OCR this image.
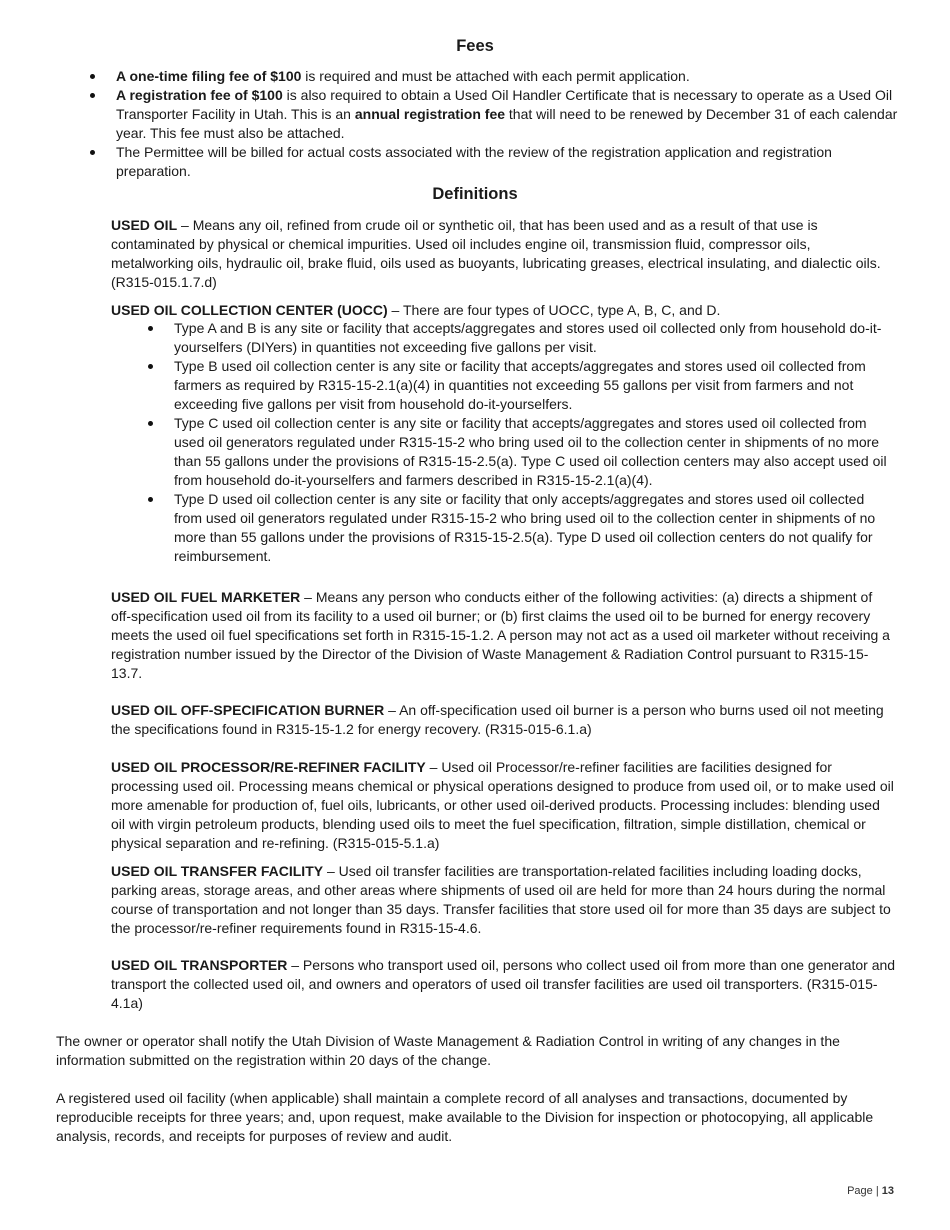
Fees
A one-time filing fee of $100 is required and must be attached with each permit application.
A registration fee of $100 is also required to obtain a Used Oil Handler Certificate that is necessary to operate as a Used Oil Transporter Facility in Utah. This is an annual registration fee that will need to be renewed by December 31 of each calendar year. This fee must also be attached.
The Permittee will be billed for actual costs associated with the review of the registration application and registration preparation.
Definitions

USED OIL – Means any oil, refined from crude oil or synthetic oil, that has been used and as a result of that use is contaminated by physical or chemical impurities. Used oil includes engine oil, transmission fluid, compressor oils, metalworking oils, hydraulic oil, brake fluid, oils used as buoyants, lubricating greases, electrical insulating, and dialectic oils. (R315-015.1.7.d)

USED OIL COLLECTION CENTER (UOCC) – There are four types of UOCC, type A, B, C, and D.

Type A and B is any site or facility that accepts/aggregates and stores used oil collected only from household do-it-yourselfers (DIYers) in quantities not exceeding five gallons per visit.
Type B used oil collection center is any site or facility that accepts/aggregates and stores used oil collected from farmers as required by R315-15-2.1(a)(4) in quantities not exceeding 55 gallons per visit from farmers and not exceeding five gallons per visit from household do-it-yourselfers.
Type C used oil collection center is any site or facility that accepts/aggregates and stores used oil collected from used oil generators regulated under R315-15-2 who bring used oil to the collection center in shipments of no more than 55 gallons under the provisions of R315-15-2.5(a). Type C used oil collection centers may also accept used oil from household do-it-yourselfers and farmers described in R315-15-2.1(a)(4).
Type D used oil collection center is any site or facility that only accepts/aggregates and stores used oil collected from used oil generators regulated under R315-15-2 who bring used oil to the collection center in shipments of no more than 55 gallons under the provisions of R315-15-2.5(a). Type D used oil collection centers do not qualify for reimbursement.

USED OIL FUEL MARKETER – Means any person who conducts either of the following activities: (a) directs a shipment of off-specification used oil from its facility to a used oil burner; or (b) first claims the used oil to be burned for energy recovery meets the used oil fuel specifications set forth in R315-15-1.2. A person may not act as a used oil marketer without receiving a registration number issued by the Director of the Division of Waste Management & Radiation Control pursuant to R315-15-13.7.

USED OIL OFF-SPECIFICATION BURNER – An off-specification used oil burner is a person who burns used oil not meeting the specifications found in R315-15-1.2 for energy recovery. (R315-015-6.1.a)

USED OIL PROCESSOR/RE-REFINER FACILITY – Used oil Processor/re-refiner facilities are facilities designed for processing used oil. Processing means chemical or physical operations designed to produce from used oil, or to make used oil more amenable for production of, fuel oils, lubricants, or other used oil-derived products. Processing includes: blending used oil with virgin petroleum products, blending used oils to meet the fuel specification, filtration, simple distillation, chemical or physical separation and re-refining. (R315-015-5.1.a)

USED OIL TRANSFER FACILITY – Used oil transfer facilities are transportation-related facilities including loading docks, parking areas, storage areas, and other areas where shipments of used oil are held for more than 24 hours during the normal course of transportation and not longer than 35 days. Transfer facilities that store used oil for more than 35 days are subject to the processor/re-refiner requirements found in R315-15-4.6.

USED OIL TRANSPORTER – Persons who transport used oil, persons who collect used oil from more than one generator and transport the collected used oil, and owners and operators of used oil transfer facilities are used oil transporters. (R315-015-4.1a)

The owner or operator shall notify the Utah Division of Waste Management & Radiation Control in writing of any changes in the information submitted on the registration within 20 days of the change.

A registered used oil facility (when applicable) shall maintain a complete record of all analyses and transactions, documented by reproducible receipts for three years; and, upon request, make available to the Division for inspection or photocopying, all applicable analysis, records, and receipts for purposes of review and audit.

Page | 13
